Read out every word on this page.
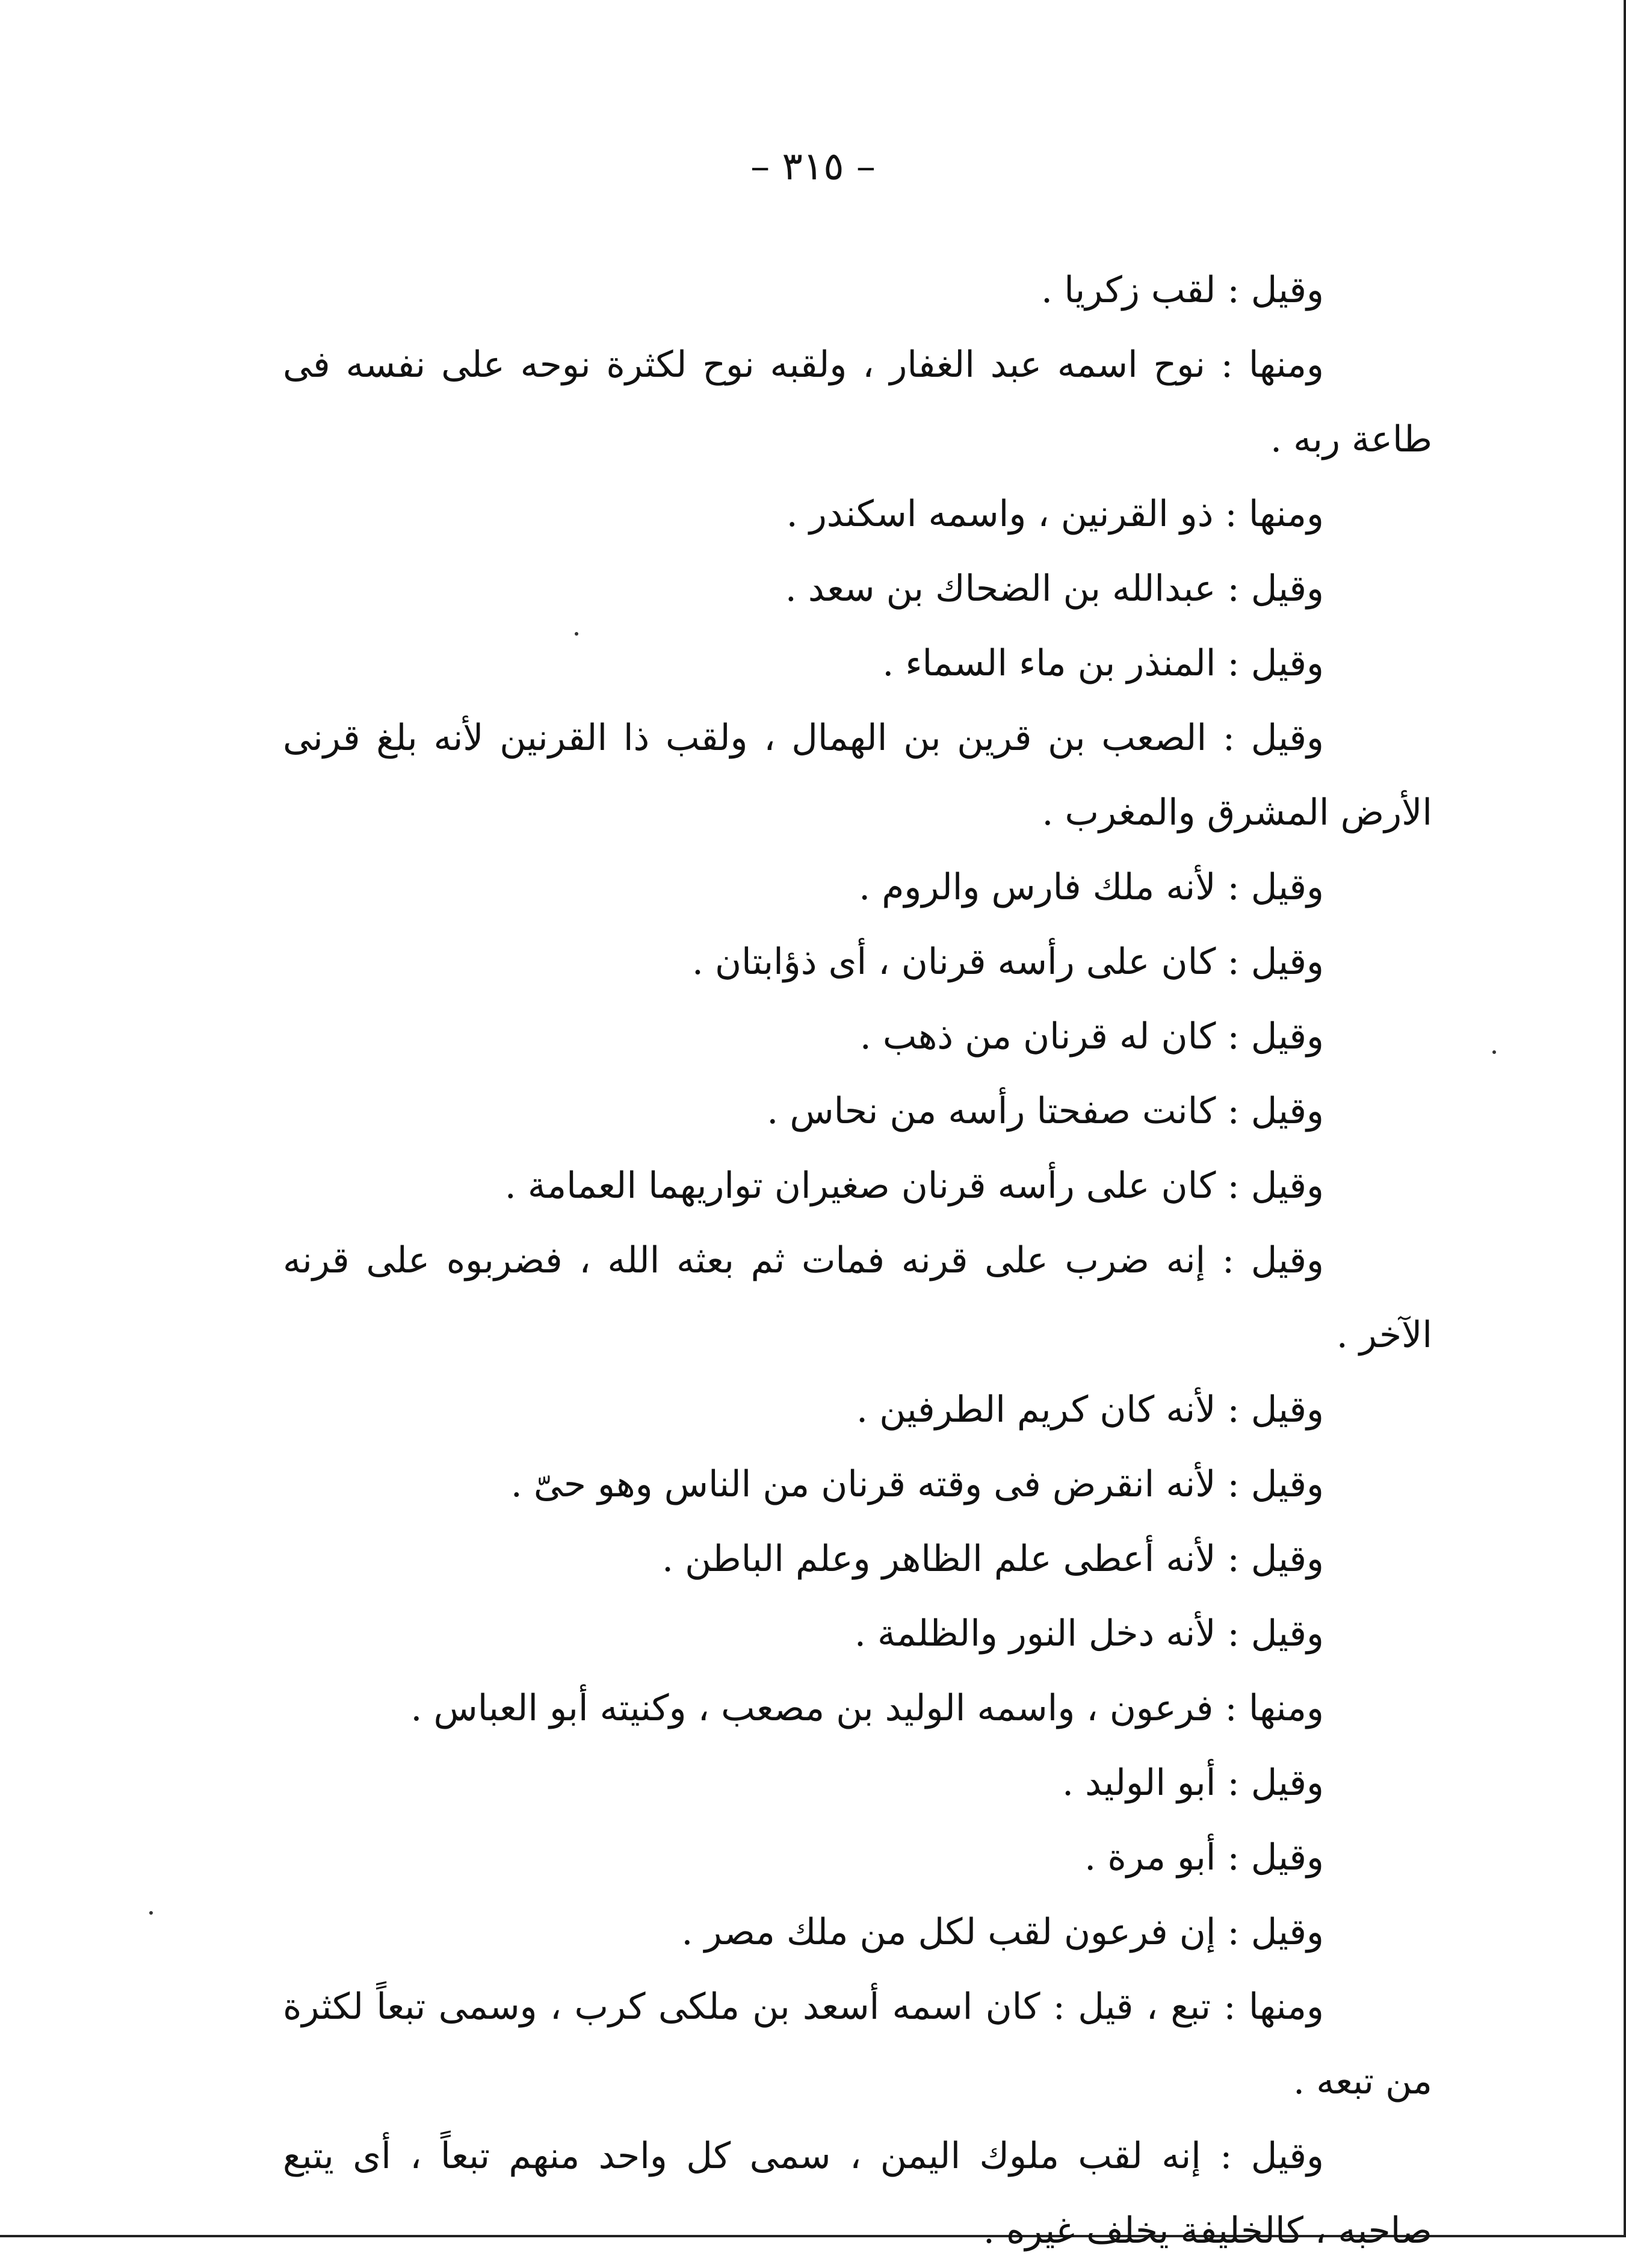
– ٣١٥ –

وقيل : لقب زكريا .

ومنها : نوح اسمه عبد الغفار ، ولقبه نوح لكثرة نوحه على نفسه فى طاعة ربه .

ومنها : ذو القرنين ، واسمه اسكندر .

وقيل : عبدالله بن الضحاك بن سعد .

وقيل : المنذر بن ماء السماء .

وقيل : الصعب بن قرين بن الهمال ، ولقب ذا القرنين لأنه بلغ قرنى الأرض المشرق والمغرب .

وقيل : لأنه ملك فارس والروم .

وقيل : كان على رأسه قرنان ، أى ذؤابتان .

وقيل : كان له قرنان من ذهب .

وقيل : كانت صفحتا رأسه من نحاس .

وقيل : كان على رأسه قرنان صغيران تواريهما العمامة .

وقيل : إنه ضرب على قرنه فمات ثم بعثه الله ، فضربوه على قرنه الآخر .

وقيل : لأنه كان كريم الطرفين .

وقيل : لأنه انقرض فى وقته قرنان من الناس وهو حىّ .

وقيل : لأنه أعطى علم الظاهر وعلم الباطن .

وقيل : لأنه دخل النور والظلمة .

ومنها : فرعون ، واسمه الوليد بن مصعب ، وكنيته أبو العباس .

وقيل : أبو الوليد .

وقيل : أبو مرة .

وقيل : إن فرعون لقب لكل من ملك مصر .

ومنها : تبع ، قيل : كان اسمه أسعد بن ملكى كرب ، وسمى تبعاً لكثرة من تبعه .

وقيل : إنه لقب ملوك اليمن ، سمى كل واحد منهم تبعاً ، أى يتبع صاحبه ، كالخليفة يخلف غيره .
